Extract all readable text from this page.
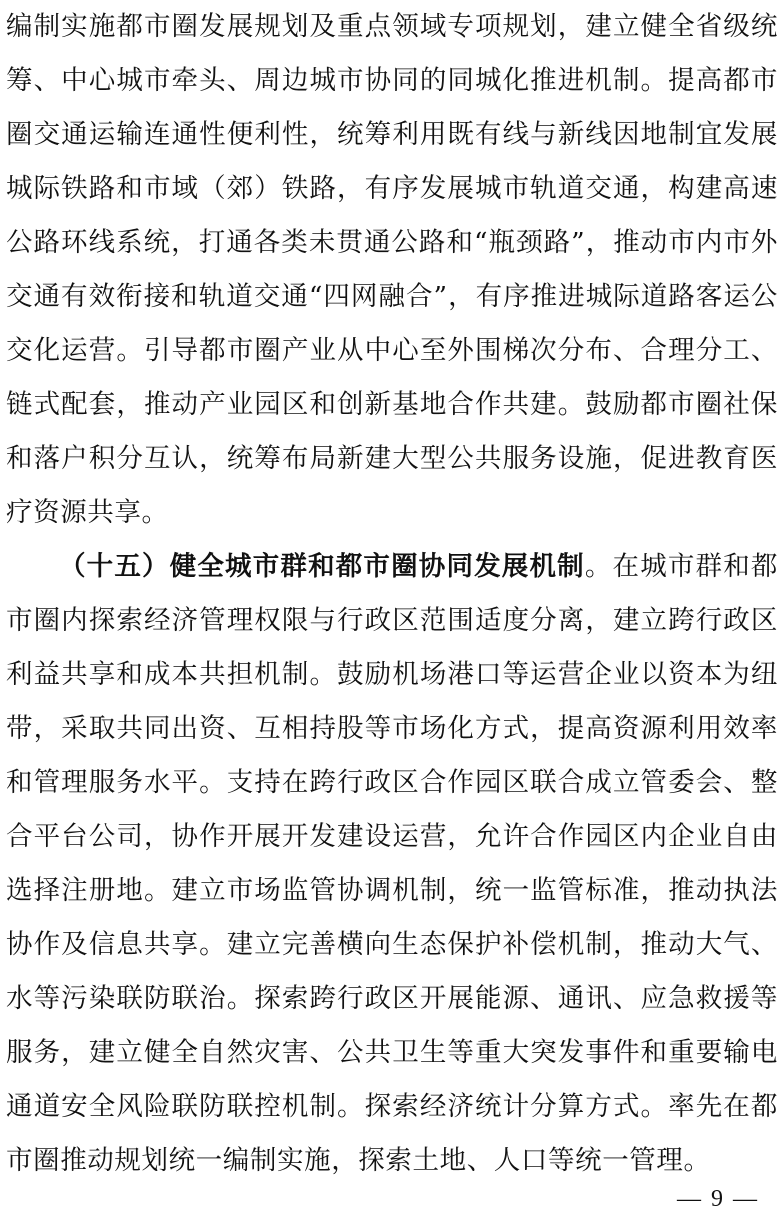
编制实施都市圈发展规划及重点领域专项规划，建立健全省级统筹、中心城市牵头、周边城市协同的同城化推进机制。提高都市圈交通运输连通性便利性，统筹利用既有线与新线因地制宜发展城际铁路和市域（郊）铁路，有序发展城市轨道交通，构建高速公路环线系统，打通各类未贯通公路和“瓶颈路”，推动市内市外交通有效衔接和轨道交通“四网融合”，有序推进城际道路客运公交化运营。引导都市圈产业从中心至外围梯次分布、合理分工、链式配套，推动产业园区和创新基地合作共建。鼓励都市圈社保和落户积分互认，统筹布局新建大型公共服务设施，促进教育医疗资源共享。

（十五）健全城市群和都市圈协同发展机制。在城市群和都市圈内探索经济管理权限与行政区范围适度分离，建立跨行政区利益共享和成本共担机制。鼓励机场港口等运营企业以资本为纽带，采取共同出资、互相持股等市场化方式，提高资源利用效率和管理服务水平。支持在跨行政区合作园区联合成立管委会、整合平台公司，协作开展开发建设运营，允许合作园区内企业自由选择注册地。建立市场监管协调机制，统一监管标准，推动执法协作及信息共享。建立完善横向生态保护补偿机制，推动大气、水等污染联防联治。探索跨行政区开展能源、通讯、应急救援等服务，建立健全自然灾害、公共卫生等重大突发事件和重要输电通道安全风险联防联控机制。探索经济统计分算方式。率先在都市圈推动规划统一编制实施，探索土地、人口等统一管理。

— 9 —
